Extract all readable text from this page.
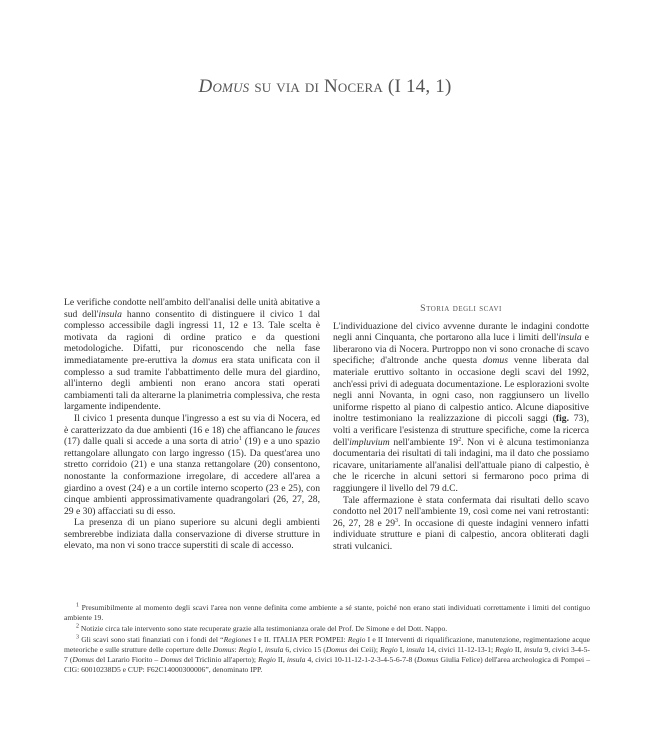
Domus su via di Nocera (I 14, 1)

Le verifiche condotte nell'ambito dell'analisi delle unità abitative a sud dell'insula hanno consentito di distinguere il civico 1 dal complesso accessibile dagli ingressi 11, 12 e 13. Tale scelta è motivata da ragioni di ordine pratico e da questioni metodologiche. Difatti, pur riconoscendo che nella fase immediatamente pre-eruttiva la domus era stata unificata con il complesso a sud tramite l'abbattimento delle mura del giardino, all'interno degli ambienti non erano ancora stati operati cambiamenti tali da alterarne la planimetria complessiva, che resta largamente indipendente.

Il civico 1 presenta dunque l'ingresso a est su via di Nocera, ed è caratterizzato da due ambienti (16 e 18) che affiancano le fauces (17) dalle quali si accede a una sorta di atrio$^1$ (19) e a uno spazio rettangolare allungato con largo ingresso (15). Da quest'area uno stretto corridoio (21) e una stanza rettangolare (20) consentono, nonostante la conformazione irregolare, di accedere all'area a giardino a ovest (24) e a un cortile interno scoperto (23 e 25), con cinque ambienti approssimativamente quadrangolari (26, 27, 28, 29 e 30) affacciati su di esso.

La presenza di un piano superiore su alcuni degli ambienti sembrerebbe indiziata dalla conservazione di diverse strutture in elevato, ma non vi sono tracce superstiti di scale di accesso.

Storia degli scavi

L'individuazione del civico avvenne durante le indagini condotte negli anni Cinquanta, che portarono alla luce i limiti dell'insula e liberarono via di Nocera. Purtroppo non vi sono cronache di scavo specifiche; d'altronde anche questa domus venne liberata dal materiale eruttivo soltanto in occasione degli scavi del 1992, anch'essi privi di adeguata documentazione. Le esplorazioni svolte negli anni Novanta, in ogni caso, non raggiunsero un livello uniforme rispetto al piano di calpestio antico. Alcune diapositive inoltre testimoniano la realizzazione di piccoli saggi (fig. 73), volti a verificare l'esistenza di strutture specifiche, come la ricerca dell'impluvium nell'ambiente 19$^2$. Non vi è alcuna testimonianza documentaria dei risultati di tali indagini, ma il dato che possiamo ricavare, unitariamente all'analisi dell'attuale piano di calpestio, è che le ricerche in alcuni settori si fermarono poco prima di raggiungere il livello del 79 d.C.

Tale affermazione è stata confermata dai risultati dello scavo condotto nel 2017 nell'ambiente 19, così come nei vani retrostanti: 26, 27, 28 e 29$^3$. In occasione di queste indagini vennero infatti individuate strutture e piani di calpestio, ancora obliterati dagli strati vulcanici.

$^1$ Presumibilmente al momento degli scavi l'area non venne definita come ambiente a sé stante, poiché non erano stati individuati correttamente i limiti del contiguo ambiente 19.

$^2$ Notizie circa tale intervento sono state recuperate grazie alla testimonianza orale del Prof. De Simone e del Dott. Nappo.

$^3$ Gli scavi sono stati finanziati con i fondi del “Regiones I e II. ITALIA PER POMPEI: Regio I e II Interventi di riqualificazione, manutenzione, regimentazione acque meteoriche e sulle strutture delle coperture delle Domus: Regio I, insula 6, civico 15 (Domus dei Ceii); Regio I, insula 14, civici 11-12-13-1; Regio II, insula 9, civici 3-4-5-7 (Domus del Larario Fiorito – Domus del Triclinio all'aperto); Regio II, insula 4, civici 10-11-12-1-2-3-4-5-6-7-8 (Domus Giulia Felice) dell'area archeologica di Pompei – CIG: 60010238D5 e CUP: F62C14000300006”, denominato IPP.
